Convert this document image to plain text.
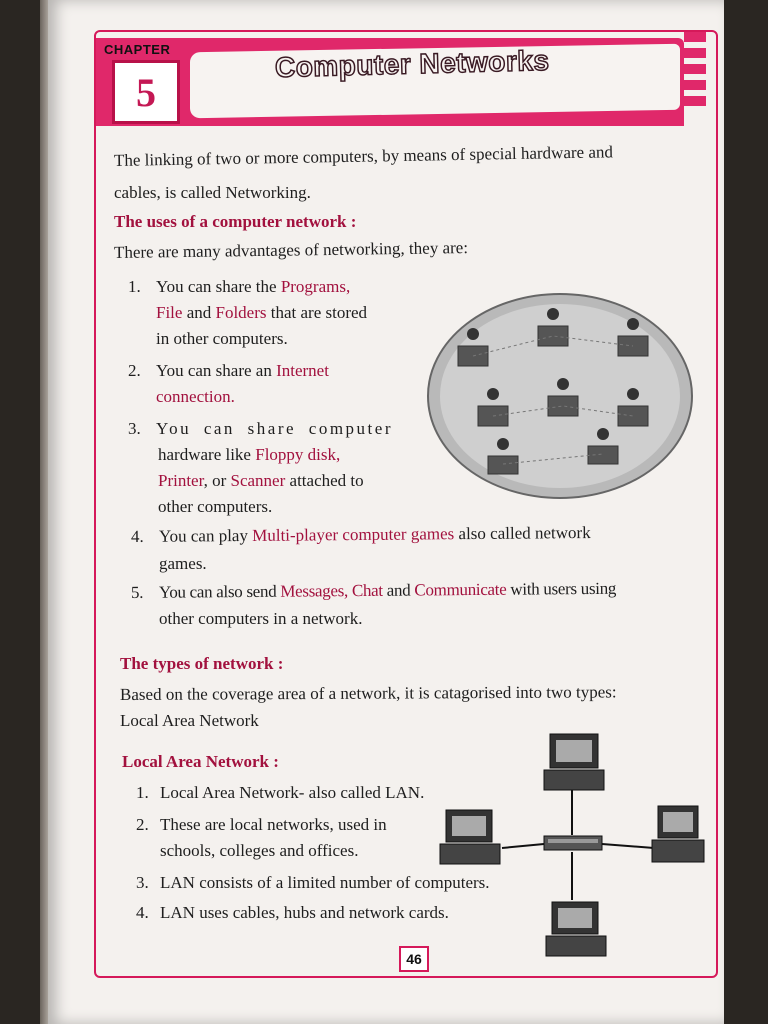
CHAPTER
5
Computer Networks
The linking of two or more computers, by means of special hardware and
cables, is called Networking.
The uses of a computer network :
There are many advantages of networking, they are:
1. You can share the Programs,
File and Folders that are stored
in other computers.
2. You can share an Internet
connection.
3. You can share computer
hardware like Floppy disk,
Printer, or Scanner attached to
other computers.
4. You can play Multi-player computer games also called network
games.
5. You can also send Messages, Chat and Communicate with users using
other computers in a network.
The types of network :
Based on the coverage area of a network, it is catagorised into two types:
Local Area Network
Local Area Network :
1. Local Area Network- also called LAN.
2. These are local networks, used in
schools, colleges and offices.
3. LAN consists of a limited number of computers.
4. LAN uses cables, hubs and network cards.
46
